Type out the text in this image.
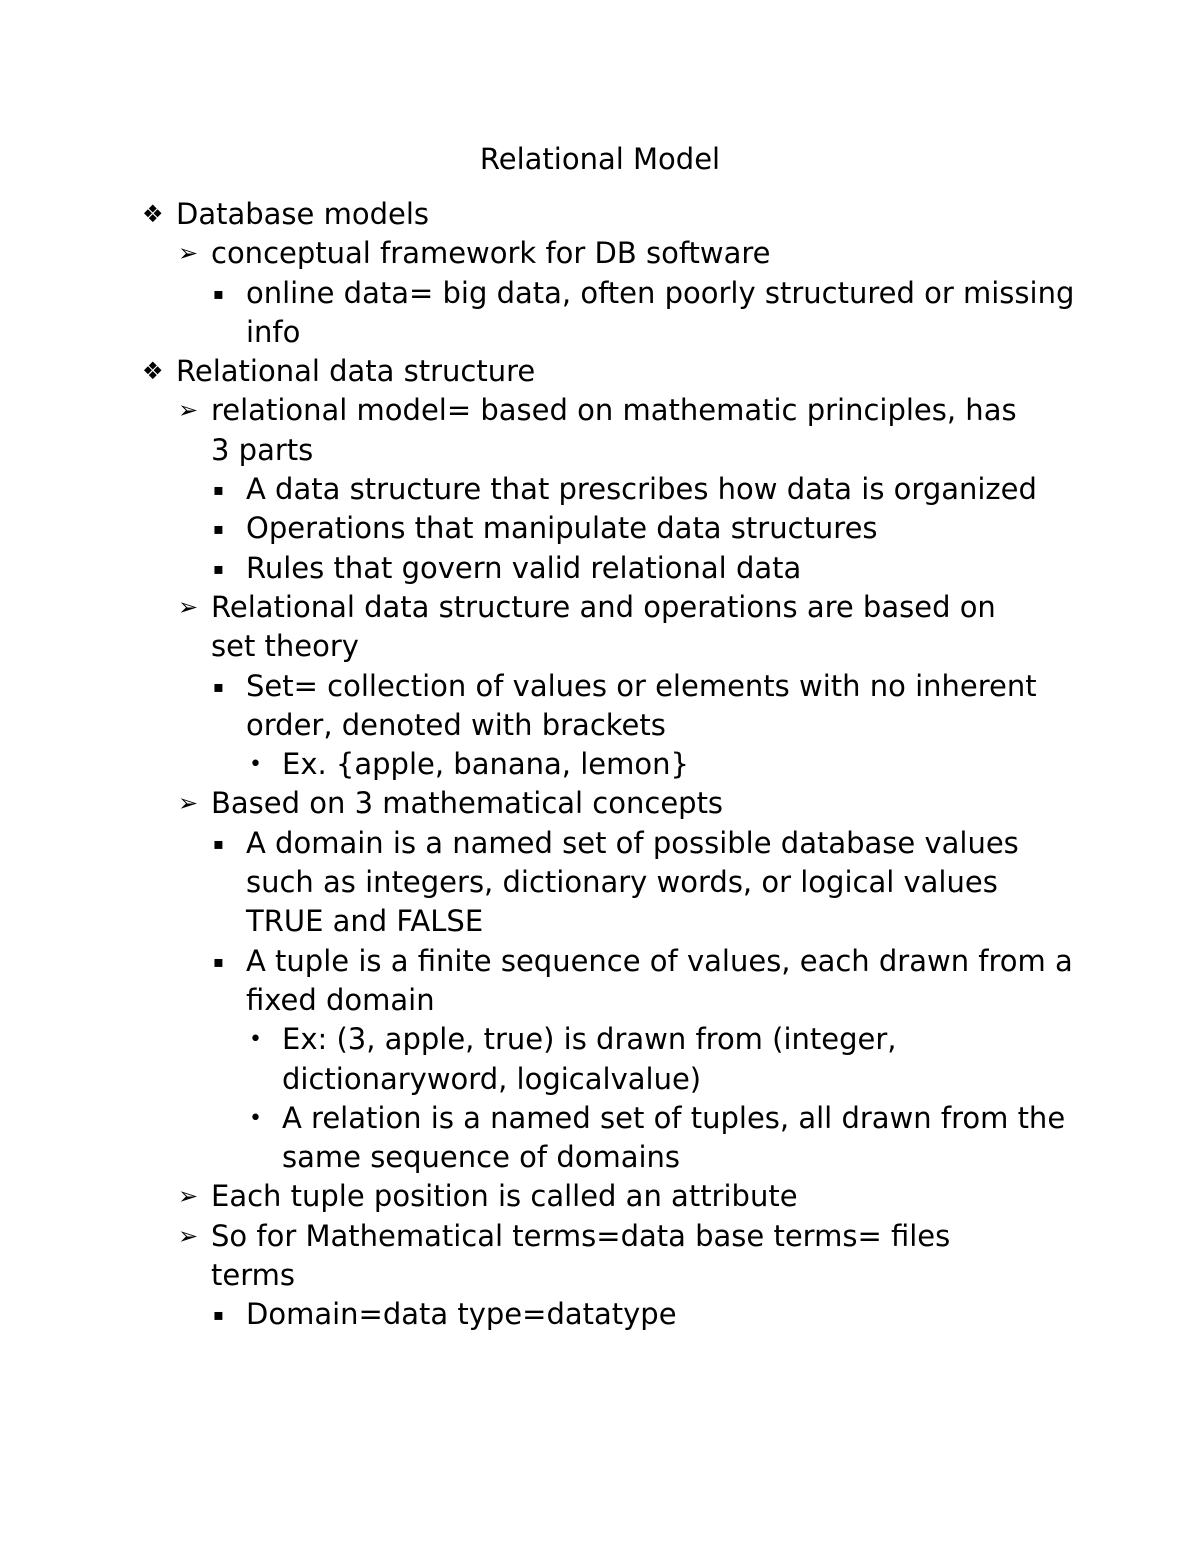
Relational Model
❖ Database models
➢ conceptual framework for DB software
▪ online data= big data, often poorly structured or missing info
❖ Relational data structure
➢ relational model= based on mathematic principles, has 3 parts
▪ A data structure that prescribes how data is organized
▪ Operations that manipulate data structures
▪ Rules that govern valid relational data
➢ Relational data structure and operations are based on set theory
▪ Set= collection of values or elements with no inherent order, denoted with brackets
• Ex. {apple, banana, lemon}
➢ Based on 3 mathematical concepts
▪ A domain is a named set of possible database values such as integers, dictionary words, or logical values TRUE and FALSE
▪ A tuple is a finite sequence of values, each drawn from a fixed domain
• Ex: (3, apple, true) is drawn from (integer, dictionaryword, logicalvalue)
• A relation is a named set of tuples, all drawn from the same sequence of domains
➢ Each tuple position is called an attribute
➢ So for Mathematical terms=data base terms= files terms
▪ Domain=data type=datatype
